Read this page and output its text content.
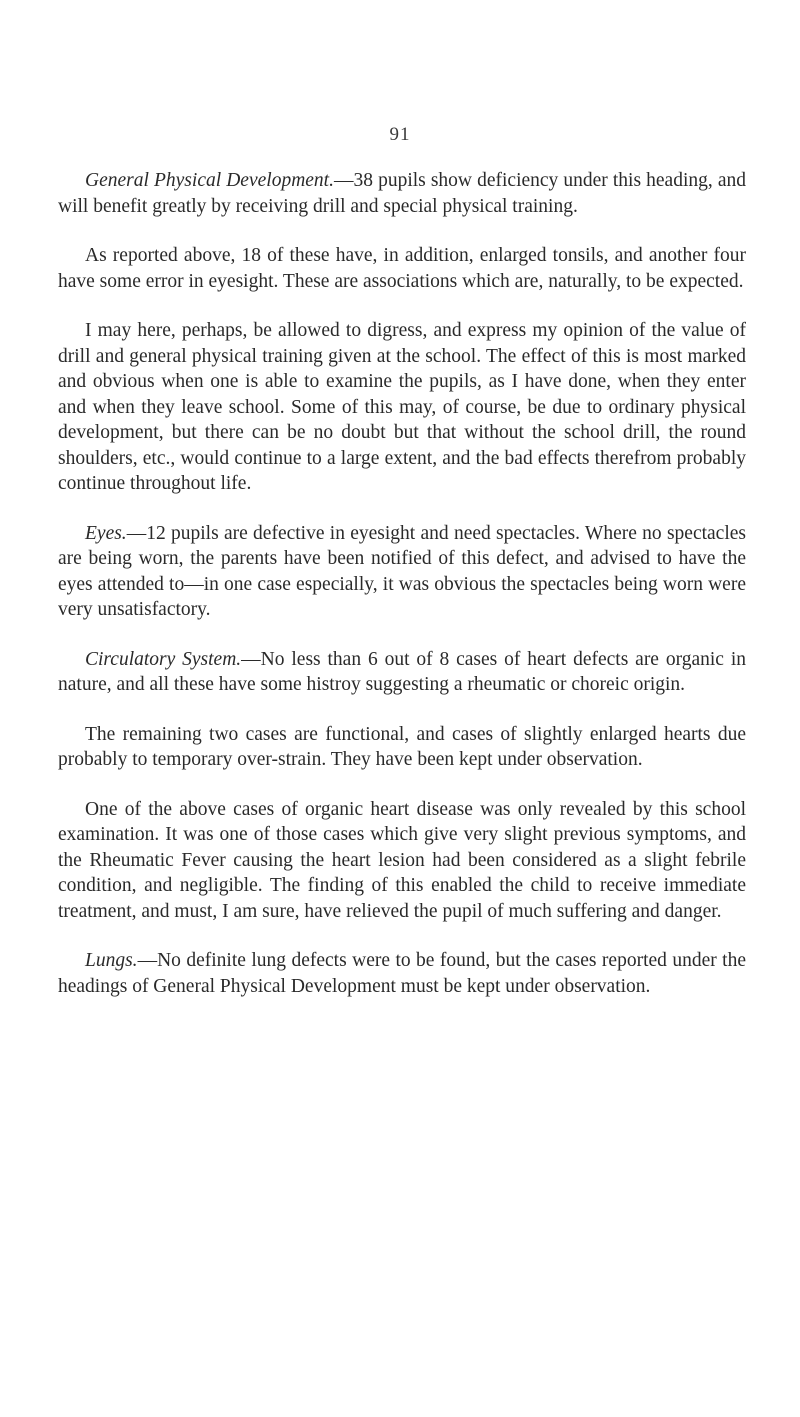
91

General Physical Development.—38 pupils show deficiency under this heading, and will benefit greatly by receiving drill and special physical training.

As reported above, 18 of these have, in addition, enlarged tonsils, and another four have some error in eyesight. These are associations which are, naturally, to be expected.

I may here, perhaps, be allowed to digress, and express my opinion of the value of drill and general physical training given at the school. The effect of this is most marked and obvious when one is able to examine the pupils, as I have done, when they enter and when they leave school. Some of this may, of course, be due to ordinary physical development, but there can be no doubt but that without the school drill, the round shoulders, etc., would continue to a large extent, and the bad effects therefrom probably continue throughout life.

Eyes.—12 pupils are defective in eyesight and need spectacles. Where no spectacles are being worn, the parents have been notified of this defect, and advised to have the eyes attended to—in one case especially, it was obvious the spectacles being worn were very unsatisfactory.

Circulatory System.—No less than 6 out of 8 cases of heart defects are organic in nature, and all these have some histroy suggesting a rheumatic or choreic origin.

The remaining two cases are functional, and cases of slightly enlarged hearts due probably to temporary over-strain. They have been kept under observation.

One of the above cases of organic heart disease was only revealed by this school examination. It was one of those cases which give very slight previous symptoms, and the Rheumatic Fever causing the heart lesion had been considered as a slight febrile condition, and negligible. The finding of this enabled the child to receive immediate treatment, and must, I am sure, have relieved the pupil of much suffering and danger.

Lungs.—No definite lung defects were to be found, but the cases reported under the headings of General Physical Development must be kept under observation.
